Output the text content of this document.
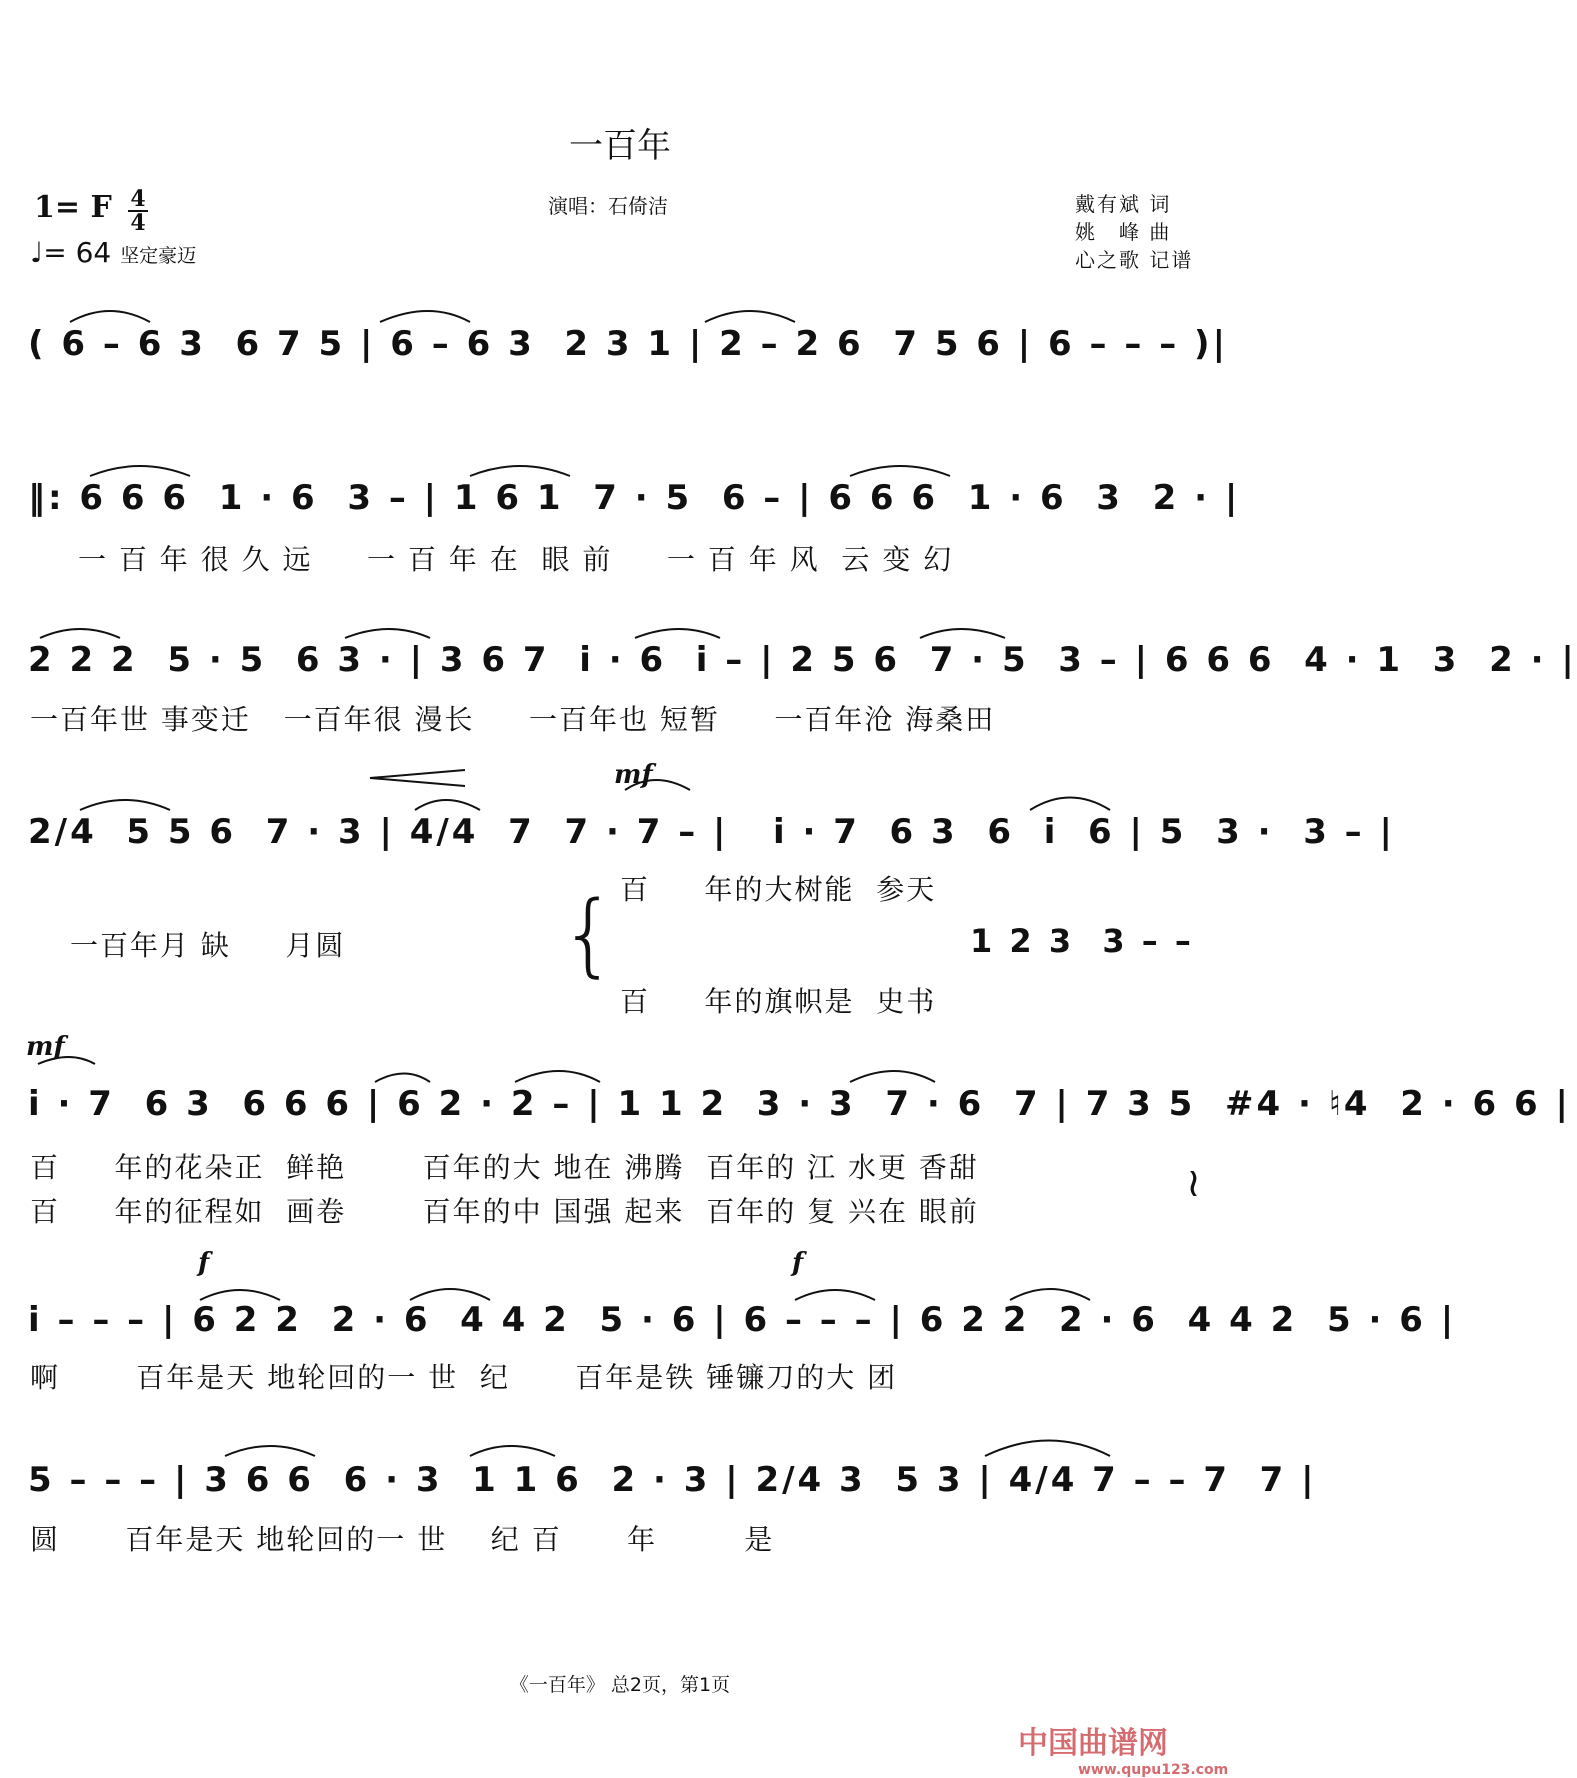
一百年
1= F 4
4
♩= 64 坚定豪迈
演唱：石倚洁	戴有斌 词
姚　峰 曲
心之歌 记谱
( 6 – 6 3  6 7 5 | 6 – 6 3  2 3 1 | 2 – 2 6  7 5 6 | 6 – – – )|
‖: 6 6 6  1 · 6  3 – | 1 6 1  7 · 5  6 – | 6 6 6  1 · 6  3  2 · |
一 百 年 很 久 远     一 百 年 在  眼 前     一 百 年 风  云 变 幻
2 2 2  5 · 5  6 3 · | 3 6 7  i · 6  i – | 2 5 6  7 · 5  3 – | 6 6 6  4 · 1  3  2 · |
一百年世 事变迁   一百年很 漫长     一百年也 短暂     一百年沧 海桑田
2/4  5 5 6  7 · 3 | 4/4  7  7 · 7 – |   i · 7  6 3  6  i  6 | 5  3 ·  3 – |
百     年的大树能  参天
一百年月 缺     月圆	1 2 3  3 – –
百     年的旗帜是  史书
{
i · 7  6 3  6 6 6 | 6 2 · 2 – | 1 1 2  3 · 3  7 · 6  7 | 7 3 5  #4 · ♮4  2 · 6 6 |
百     年的花朵正  鲜艳       百年的大 地在 沸腾  百年的 江 水更 香甜
百     年的征程如  画卷       百年的中 国强 起来  百年的 复 兴在 眼前
≀
i – – – | 6 2 2  2 · 6  4 4 2  5 · 6 | 6 – – – | 6 2 2  2 · 6  4 4 2  5 · 6 |
啊       百年是天 地轮回的一 世  纪      百年是铁 锤镰刀的大 团
5 – – – | 3 6 6  6 · 3  1 1 6  2 · 3 | 2/4 3  5 3 | 4/4 7 – – 7  7 |
圆      百年是天 地轮回的一 世    纪 百      年        是
mf
mf
f	f
《一百年》 总2页，第1页
中国曲谱网
www.qupu123.com
